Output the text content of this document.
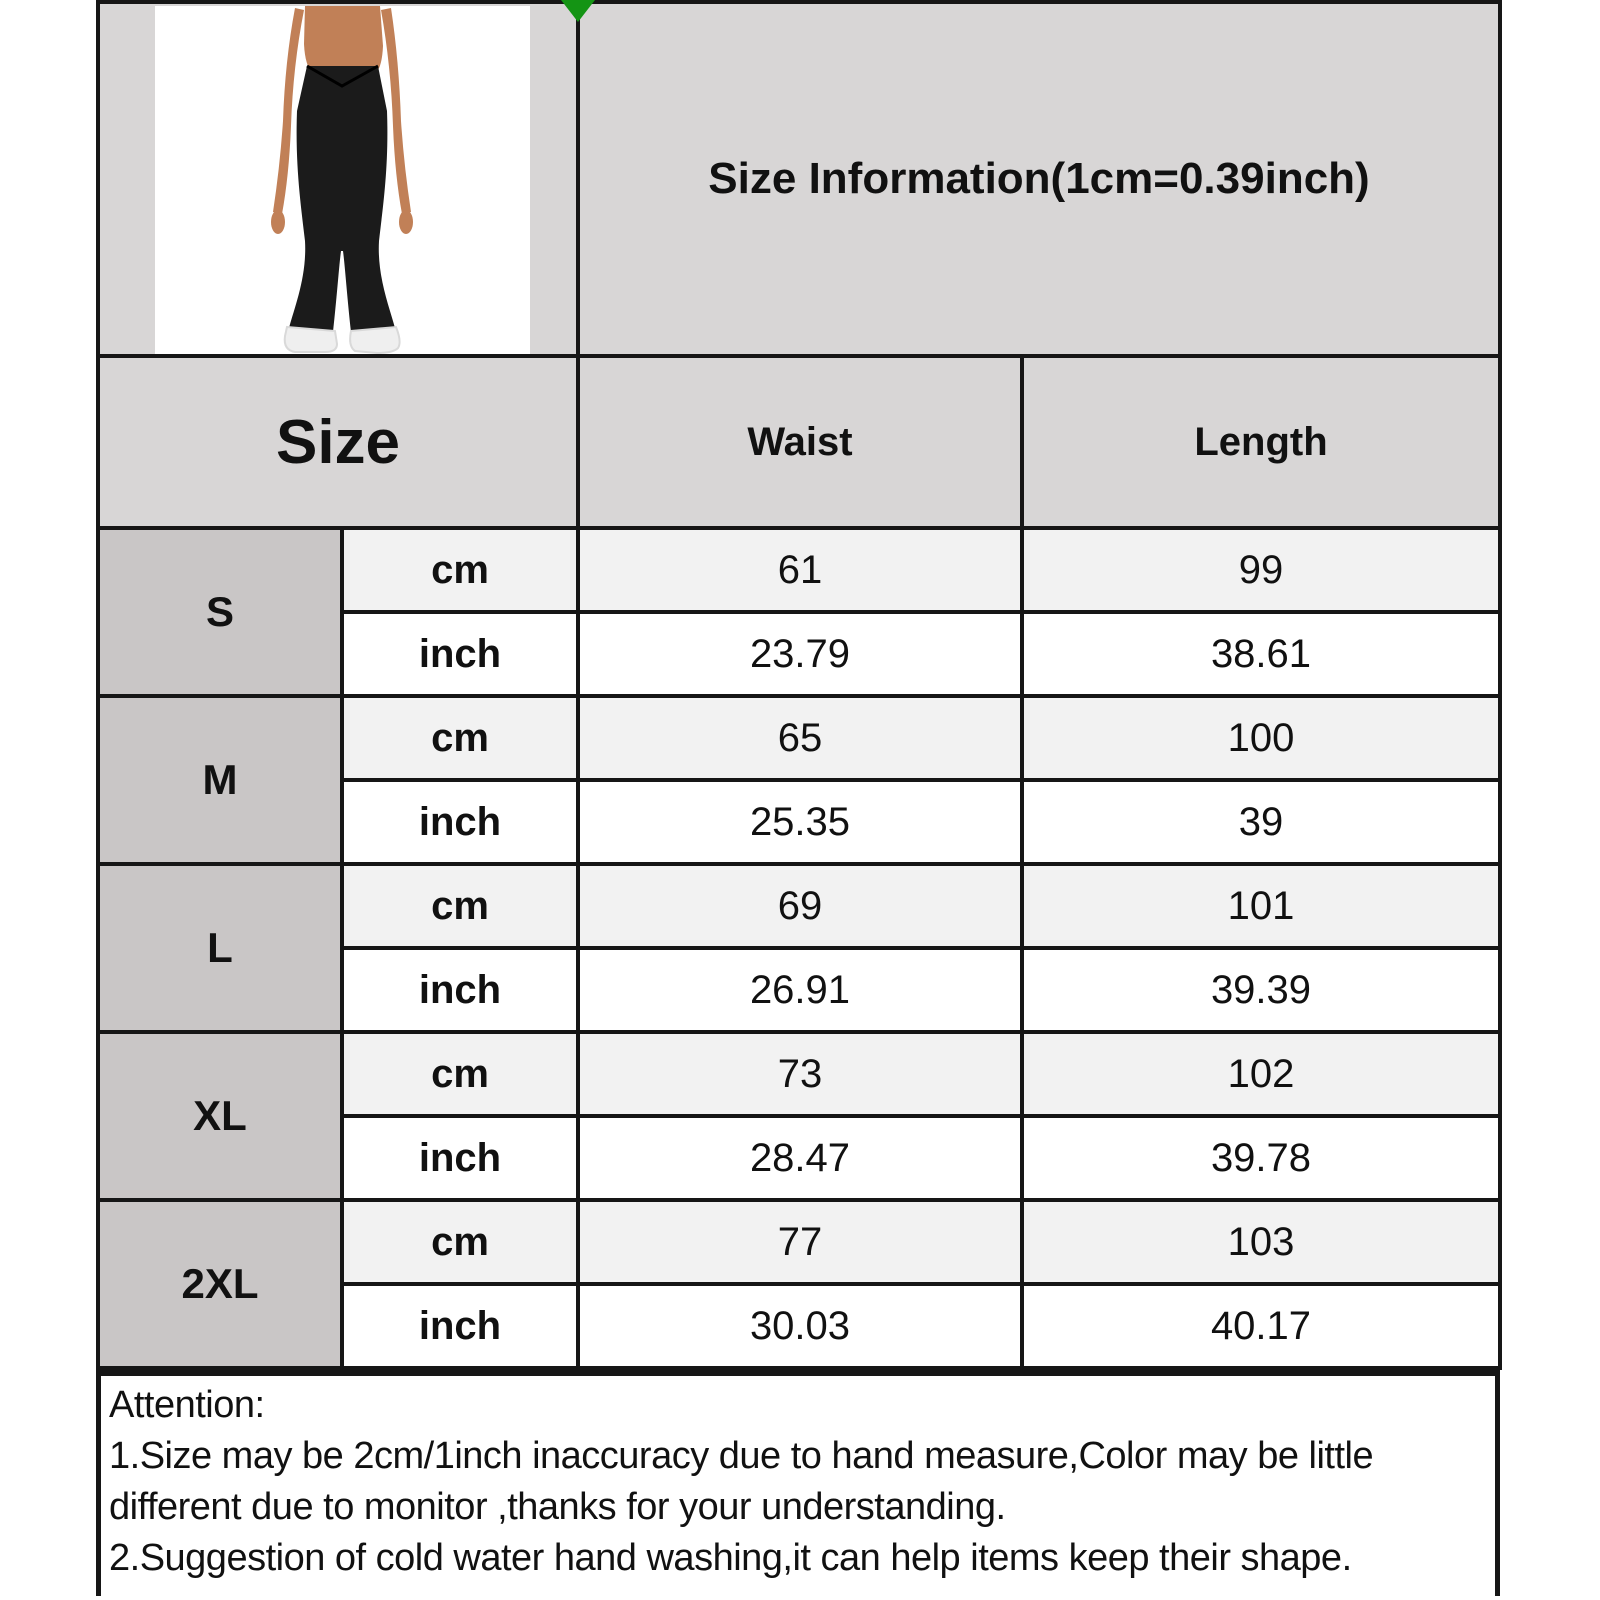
	Size Information(1cm=0.39inch)	
Size		Waist	Length
S	cm	61	99
	inch	23.79	38.61
M	cm	65	100
	inch	25.35	39
L	cm	69	101
	inch	26.91	39.39
XL	cm	73	102
	inch	28.47	39.78
2XL	cm	77	103
	inch	30.03	40.17

Attention:

1.Size may be 2cm/1inch inaccuracy due to hand measure,Color may be little different due to monitor ,thanks for your understanding.

2.Suggestion of cold water hand washing,it can help items keep their shape.
